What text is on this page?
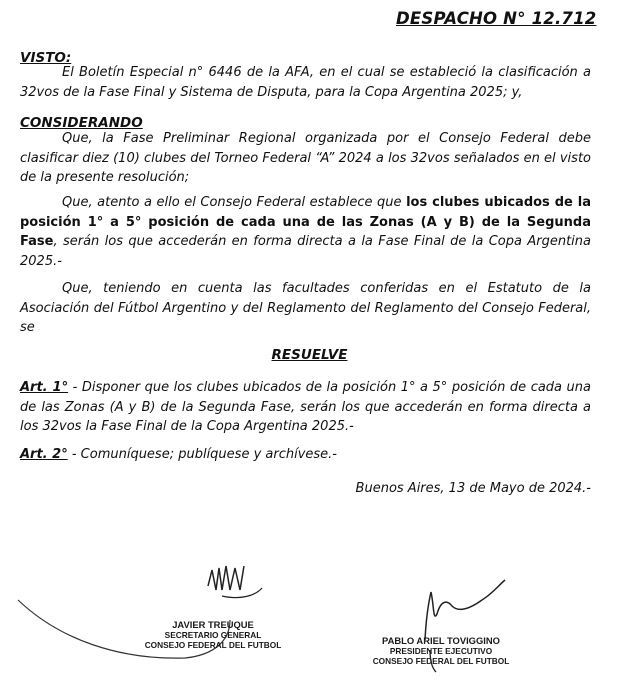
DESPACHO N° 12.712
VISTO:

El Boletín Especial n° 6446 de la AFA, en el cual se estableció la clasificación a 32vos de la Fase Final y Sistema de Disputa, para la Copa Argentina 2025; y,

CONSIDERANDO

Que, la Fase Preliminar Regional organizada por el Consejo Federal debe clasificar diez (10) clubes del Torneo Federal “A” 2024 a los 32vos señalados en el visto de la presente resolución;

Que, atento a ello el Consejo Federal establece que los clubes ubicados de la posición 1° a 5° posición de cada una de las Zonas (A y B) de la Segunda Fase, serán los que accederán en forma directa a la Fase Final de la Copa Argentina 2025.-

Que, teniendo en cuenta las facultades conferidas en el Estatuto de la Asociación del Fútbol Argentino y del Reglamento del Reglamento del Consejo Federal, se

RESUELVE

Art. 1° - Disponer que los clubes ubicados de la posición 1° a 5° posición de cada una de las Zonas (A y B) de la Segunda Fase, serán los que accederán en forma directa a los 32vos la Fase Final de la Copa Argentina 2025.-

Art. 2° - Comuníquese; publíquese y archívese.-

Buenos Aires, 13 de Mayo de 2024.-
JAVIER TREUQUE
SECRETARIO GENERAL
CONSEJO FEDERAL DEL FUTBOL	PABLO ARIEL TOVIGGINO
PRESIDENTE EJECUTIVO
CONSEJO FEDERAL DEL FUTBOL
